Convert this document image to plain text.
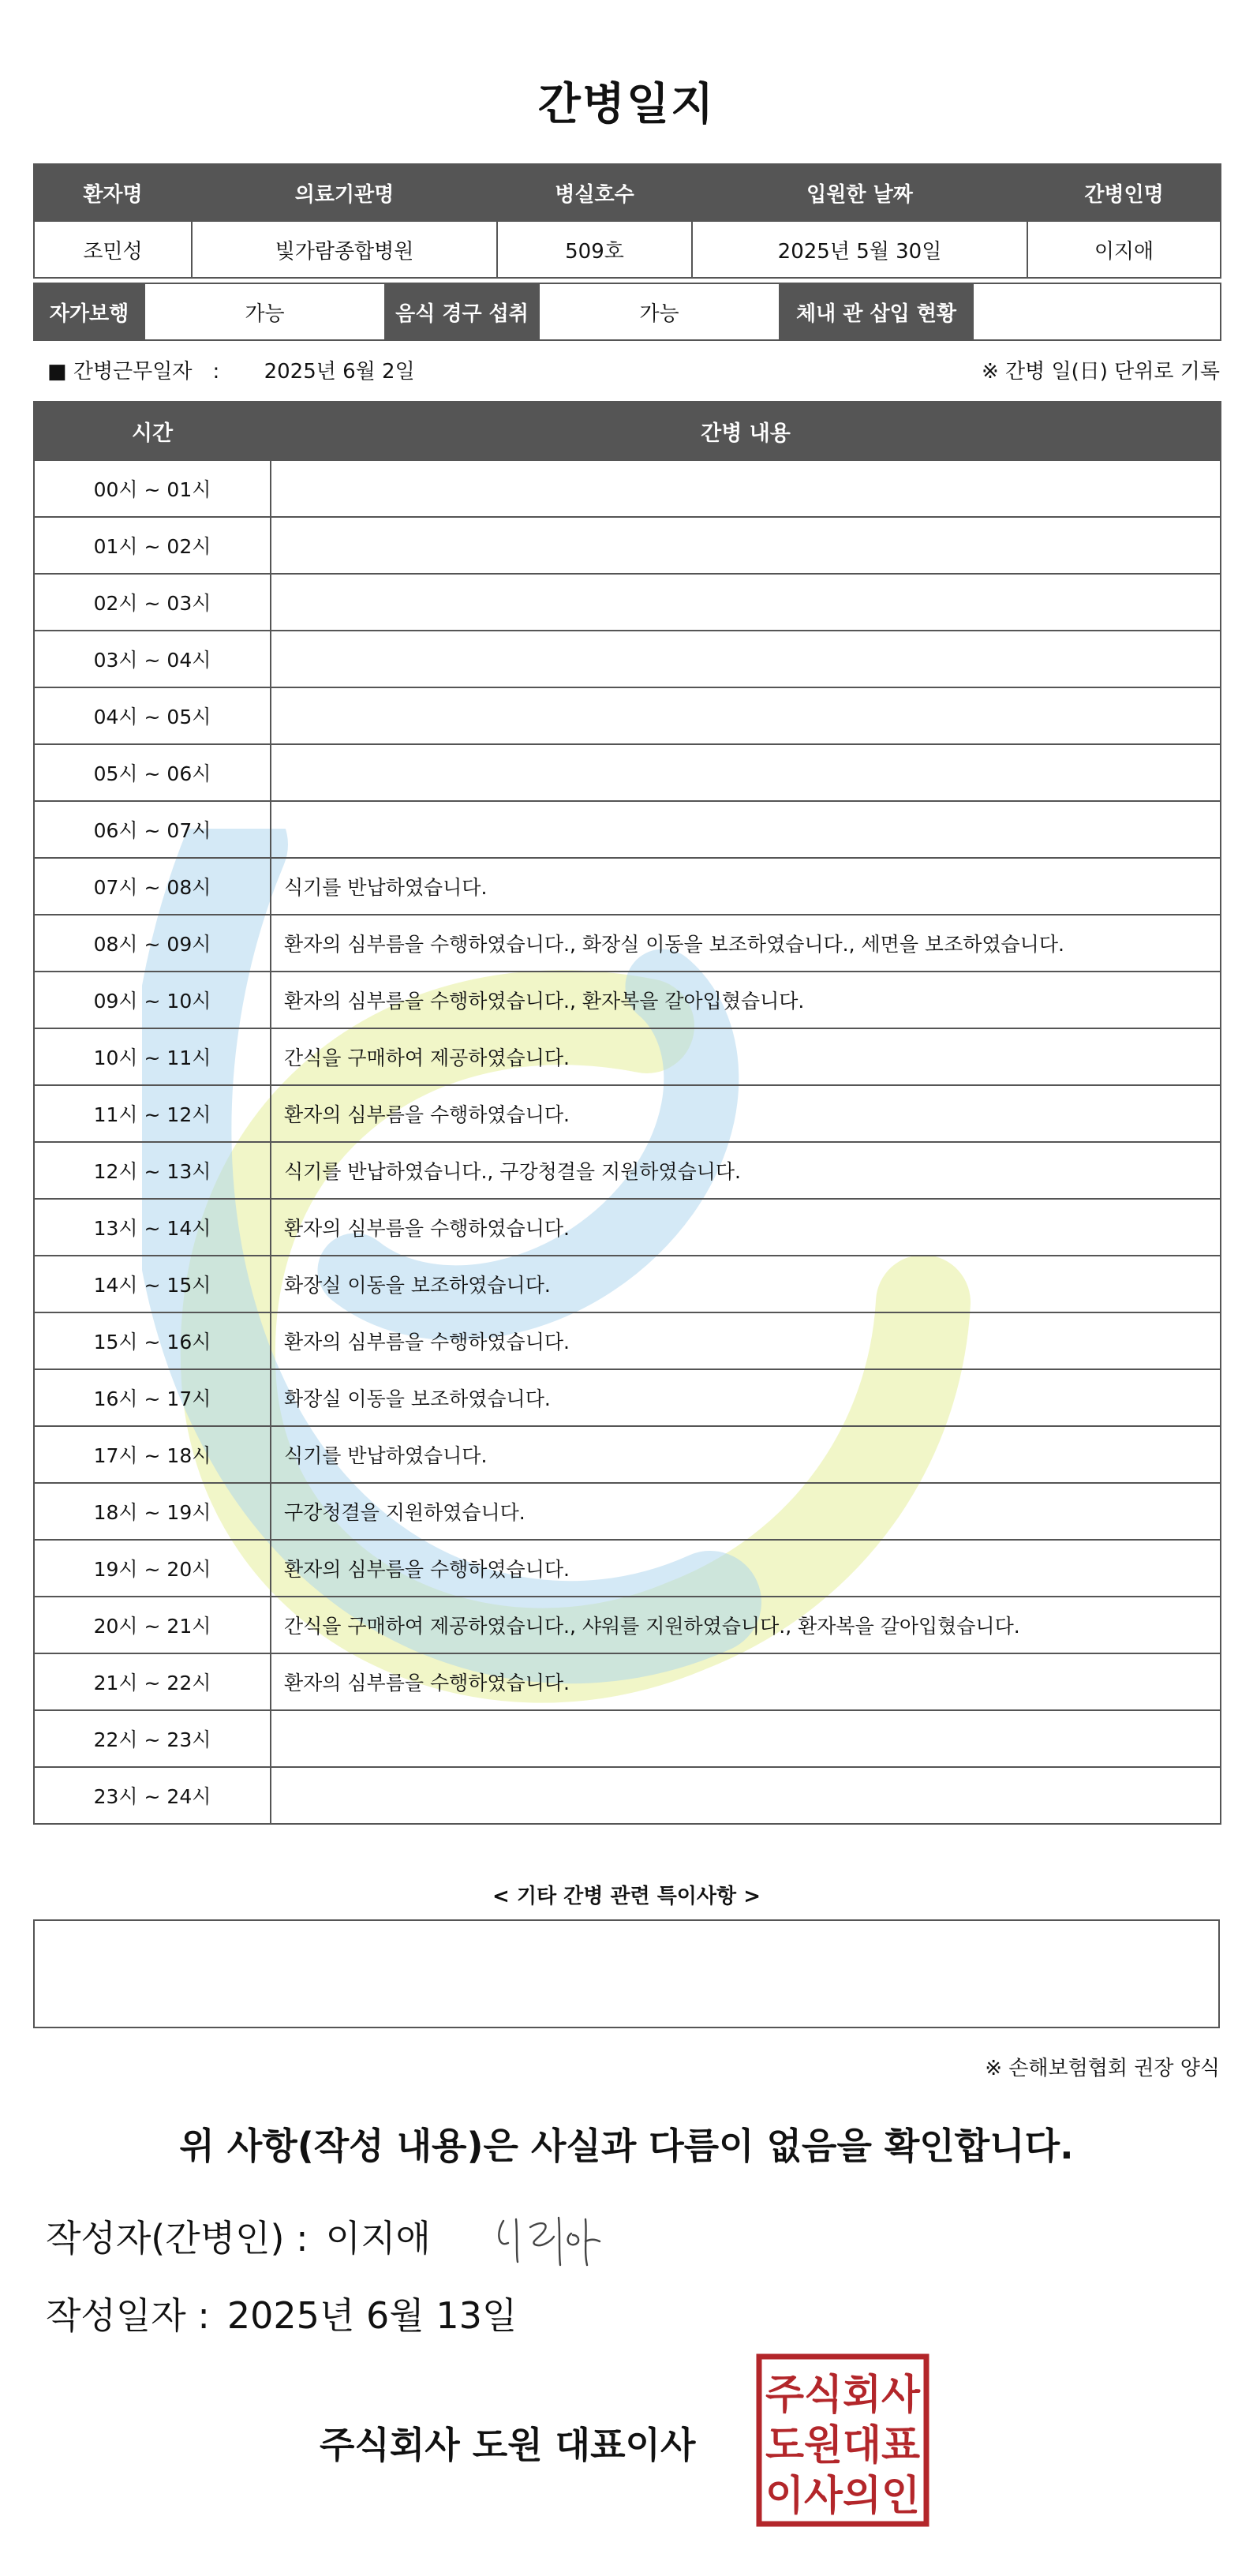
간병일지
환자명	의료기관명	병실호수	입원한 날짜	간병인명
조민성	빛가람종합병원	509호	2025년 5월 30일	이지애
자가보행	가능	음식 경구 섭취	가능	체내 관 삽입 현황	
■ 간병근무일자　: 2025년 6월 2일	※ 간병 일(日) 단위로 기록
시간	간병 내용
00시 ~ 01시	
01시 ~ 02시	
02시 ~ 03시	
03시 ~ 04시	
04시 ~ 05시	
05시 ~ 06시	
06시 ~ 07시	
07시 ~ 08시	식기를 반납하였습니다.
08시 ~ 09시	환자의 심부름을 수행하였습니다., 화장실 이동을 보조하였습니다., 세면을 보조하였습니다.
09시 ~ 10시	환자의 심부름을 수행하였습니다., 환자복을 갈아입혔습니다.
10시 ~ 11시	간식을 구매하여 제공하였습니다.
11시 ~ 12시	환자의 심부름을 수행하였습니다.
12시 ~ 13시	식기를 반납하였습니다., 구강청결을 지원하였습니다.
13시 ~ 14시	환자의 심부름을 수행하였습니다.
14시 ~ 15시	화장실 이동을 보조하였습니다.
15시 ~ 16시	환자의 심부름을 수행하였습니다.
16시 ~ 17시	화장실 이동을 보조하였습니다.
17시 ~ 18시	식기를 반납하였습니다.
18시 ~ 19시	구강청결을 지원하였습니다.
19시 ~ 20시	환자의 심부름을 수행하였습니다.
20시 ~ 21시	간식을 구매하여 제공하였습니다., 샤워를 지원하였습니다., 환자복을 갈아입혔습니다.
21시 ~ 22시	환자의 심부름을 수행하였습니다.
22시 ~ 23시	
23시 ~ 24시	
< 기타 간병 관련 특이사항 >
※ 손해보험협회 권장 양식
위 사항(작성 내용)은 사실과 다름이 없음을 확인합니다.
작성자(간병인) : 이지애
작성일자 : 2025년 6월 13일
주식회사 도원 대표이사
주식회사
도원대표
이사의인
